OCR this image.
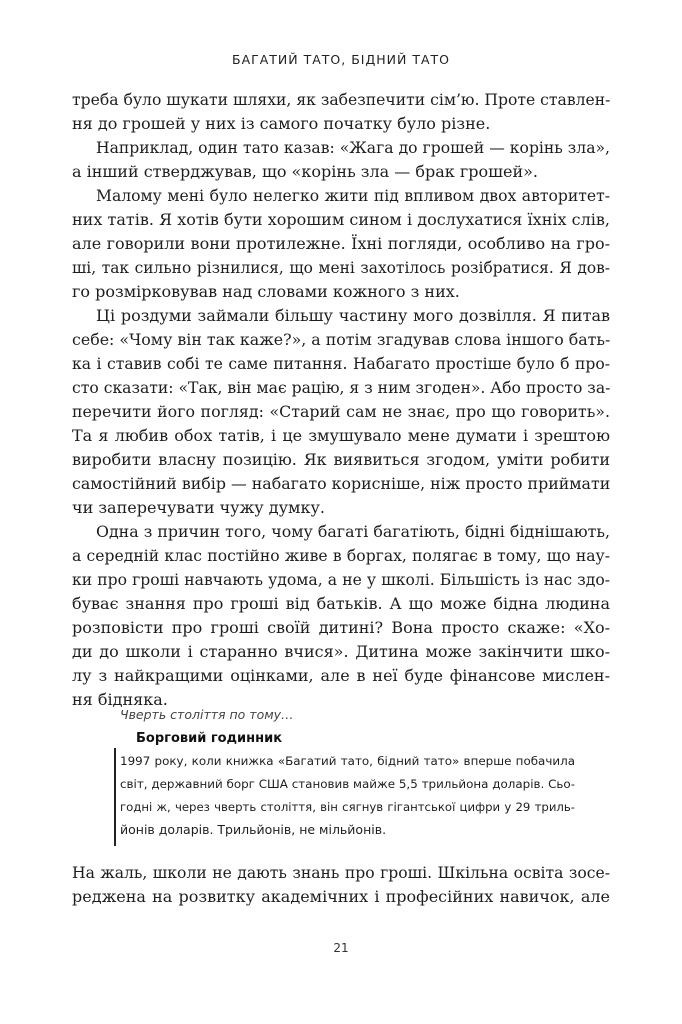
БАГАТИЙ ТАТО, БІДНИЙ ТАТО
треба було шукати шляхи, як забезпечити сім’ю. Проте ставлен-
ня до грошей у них із самого початку було різне.
Наприклад, один тато казав: «Жага до грошей — корінь зла»,
а інший стверджував, що «корінь зла — брак грошей».
Малому мені було нелегко жити під впливом двох авторитет-
них татів. Я хотів бути хорошим сином і дослухатися їхніх слів,
але говорили вони протилежне. Їхні погляди, особливо на гро-
ші, так сильно різнилися, що мені захотілось розібратися. Я дов-
го розмірковував над словами кожного з них.
Ці роздуми займали більшу частину мого дозвілля. Я питав
себе: «Чому він так каже?», а потім згадував слова іншого бать-
ка і ставив собі те саме питання. Набагато простіше було б про-
сто сказати: «Так, він має рацію, я з ним згоден». Або просто за-
перечити його погляд: «Старий сам не знає, про що говорить».
Та я любив обох татів, і це змушувало мене думати і зрештою
виробити власну позицію. Як виявиться згодом, уміти робити
самостійний вибір — набагато корисніше, ніж просто приймати
чи заперечувати чужу думку.
Одна з причин того, чому багаті багатіють, бідні біднішають,
а середній клас постійно живе в боргах, полягає в тому, що нау-
ки про гроші навчають удома, а не у школі. Більшість із нас здо-
буває знання про гроші від батьків. А що може бідна людина
розповісти про гроші своїй дитині? Вона просто скаже: «Хо-
ди до школи і старанно вчися». Дитина може закінчити шко-
лу з найкращими оцінками, але в неї буде фінансове мислен-
ня бідняка.
Чверть століття по тому…
Борговий годинник
1997 року, коли книжка «Багатий тато, бідний тато» вперше побачила
світ, державний борг США становив майже 5,5 трильйона доларів. Сьо-
годні ж, через чверть століття, він сягнув гігантської цифри у 29 триль-
йонів доларів. Трильйонів, не мільйонів.
На жаль, школи не дають знань про гроші. Шкільна освіта зосе-
реджена на розвитку академічних і професійних навичок, але
21
